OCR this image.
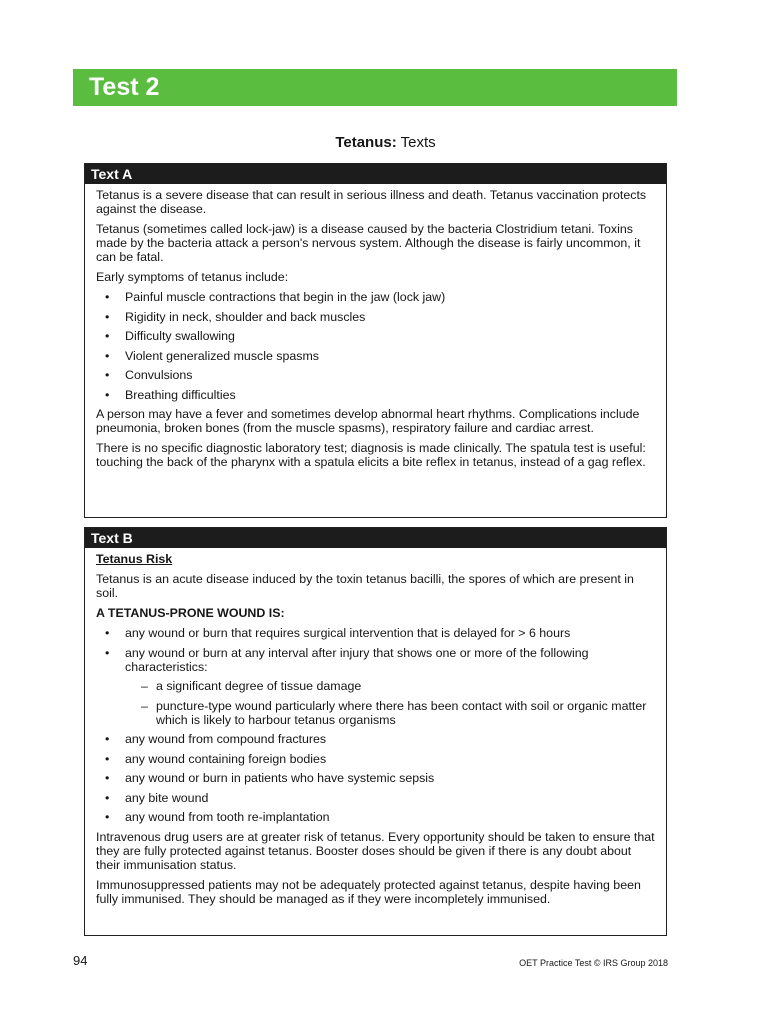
Test 2
Tetanus: Texts
Text A

Tetanus is a severe disease that can result in serious illness and death. Tetanus vaccination protects against the disease.

Tetanus (sometimes called lock-jaw) is a disease caused by the bacteria Clostridium tetani. Toxins made by the bacteria attack a person's nervous system. Although the disease is fairly uncommon, it can be fatal.

Early symptoms of tetanus include:

• Painful muscle contractions that begin in the jaw (lock jaw)
• Rigidity in neck, shoulder and back muscles
• Difficulty swallowing
• Violent generalized muscle spasms
• Convulsions
• Breathing difficulties

A person may have a fever and sometimes develop abnormal heart rhythms. Complications include pneumonia, broken bones (from the muscle spasms), respiratory failure and cardiac arrest.

There is no specific diagnostic laboratory test; diagnosis is made clinically. The spatula test is useful: touching the back of the pharynx with a spatula elicits a bite reflex in tetanus, instead of a gag reflex.

Text B

Tetanus Risk

Tetanus is an acute disease induced by the toxin tetanus bacilli, the spores of which are present in soil.

A TETANUS-PRONE WOUND IS:

• any wound or burn that requires surgical intervention that is delayed for > 6 hours
• any wound or burn at any interval after injury that shows one or more of the following characteristics:
– a significant degree of tissue damage
– puncture-type wound particularly where there has been contact with soil or organic matter which is likely to harbour tetanus organisms
• any wound from compound fractures
• any wound containing foreign bodies
• any wound or burn in patients who have systemic sepsis
• any bite wound
• any wound from tooth re-implantation

Intravenous drug users are at greater risk of tetanus. Every opportunity should be taken to ensure that they are fully protected against tetanus. Booster doses should be given if there is any doubt about their immunisation status.

Immunosuppressed patients may not be adequately protected against tetanus, despite having been fully immunised. They should be managed as if they were incompletely immunised.

94	OET Practice Test © IRS Group 2018
